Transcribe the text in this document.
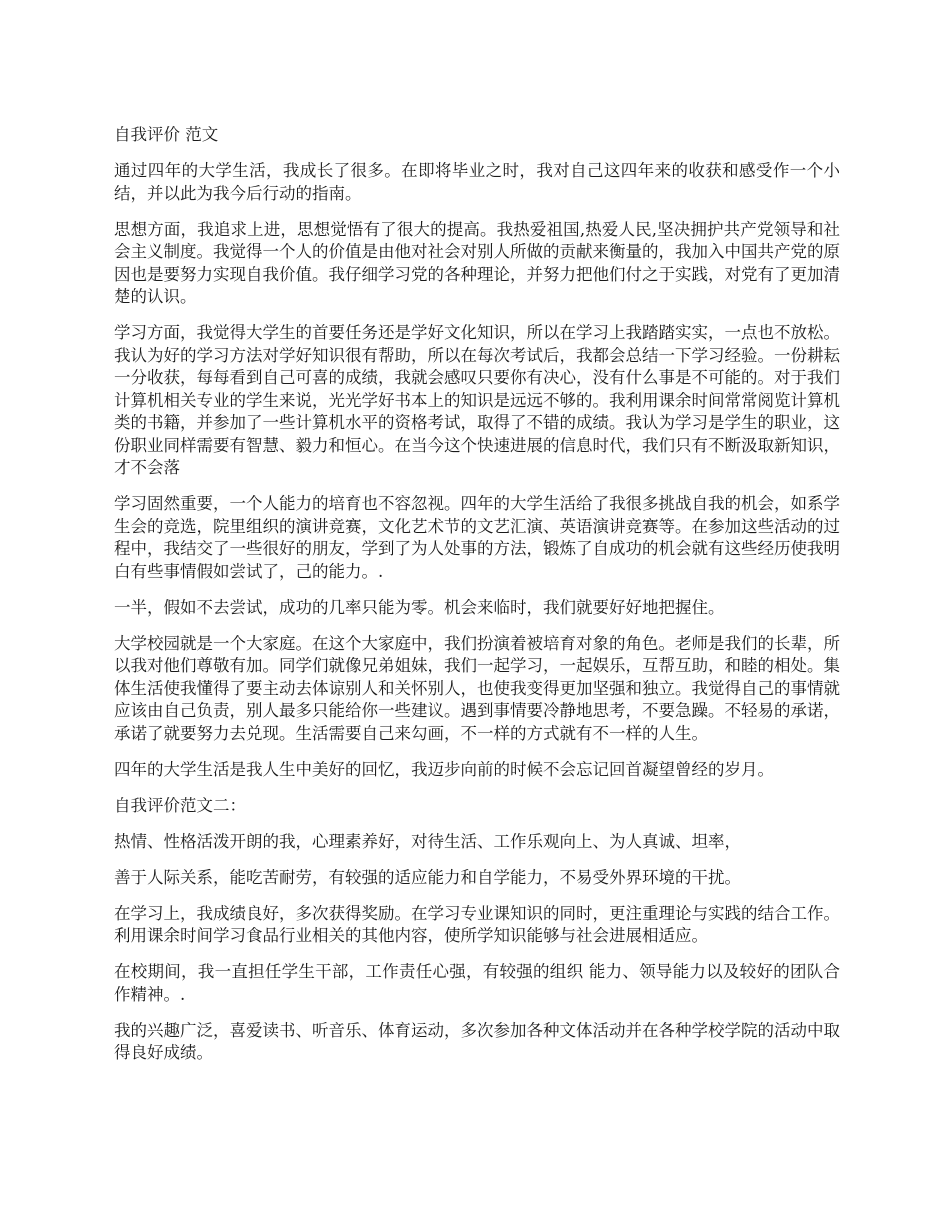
自我评价 范文

通过四年的大学生活，我成长了很多。在即将毕业之时，我对自己这四年来的收获和感受作一个小结，并以此为我今后行动的指南。

思想方面，我追求上进，思想觉悟有了很大的提高。我热爱祖国,热爱人民,坚决拥护共产党领导和社会主义制度。我觉得一个人的价值是由他对社会对别人所做的贡献来衡量的，我加入中国共产党的原因也是要努力实现自我价值。我仔细学习党的各种理论，并努力把他们付之于实践，对党有了更加清楚的认识。

学习方面，我觉得大学生的首要任务还是学好文化知识，所以在学习上我踏踏实实，一点也不放松。我认为好的学习方法对学好知识很有帮助，所以在每次考试后，我都会总结一下学习经验。一份耕耘一分收获，每每看到自己可喜的成绩，我就会感叹只要你有决心，没有什么事是不可能的。对于我们计算机相关专业的学生来说，光光学好书本上的知识是远远不够的。我利用课余时间常常阅览计算机类的书籍，并参加了一些计算机水平的资格考试，取得了不错的成绩。我认为学习是学生的职业，这份职业同样需要有智慧、毅力和恒心。在当今这个快速进展的信息时代，我们只有不断汲取新知识，才不会落

学习固然重要，一个人能力的培育也不容忽视。四年的大学生活给了我很多挑战自我的机会，如系学生会的竞选，院里组织的演讲竞赛，文化艺术节的文艺汇演、英语演讲竞赛等。在参加这些活动的过程中，我结交了一些很好的朋友，学到了为人处事的方法，锻炼了自成功的机会就有这些经历使我明白有些事情假如尝试了，己的能力。.

一半，假如不去尝试，成功的几率只能为零。机会来临时，我们就要好好地把握住。

大学校园就是一个大家庭。在这个大家庭中，我们扮演着被培育对象的角色。老师是我们的长辈，所以我对他们尊敬有加。同学们就像兄弟姐妹，我们一起学习，一起娱乐，互帮互助，和睦的相处。集体生活使我懂得了要主动去体谅别人和关怀别人，也使我变得更加坚强和独立。我觉得自己的事情就应该由自己负责，别人最多只能给你一些建议。遇到事情要冷静地思考，不要急躁。不轻易的承诺，承诺了就要努力去兑现。生活需要自己来勾画，不一样的方式就有不一样的人生。

四年的大学生活是我人生中美好的回忆，我迈步向前的时候不会忘记回首凝望曾经的岁月。

自我评价范文二：

热情、性格活泼开朗的我，心理素养好，对待生活、工作乐观向上、为人真诚、坦率，

善于人际关系，能吃苦耐劳，有较强的适应能力和自学能力，不易受外界环境的干扰。

在学习上，我成绩良好，多次获得奖励。在学习专业课知识的同时，更注重理论与实践的结合工作。利用课余时间学习食品行业相关的其他内容，使所学知识能够与社会进展相适应。

在校期间，我一直担任学生干部，工作责任心强，有较强的组织 能力、领导能力以及较好的团队合作精神。.

我的兴趣广泛，喜爱读书、听音乐、体育运动，多次参加各种文体活动并在各种学校学院的活动中取得良好成绩。
